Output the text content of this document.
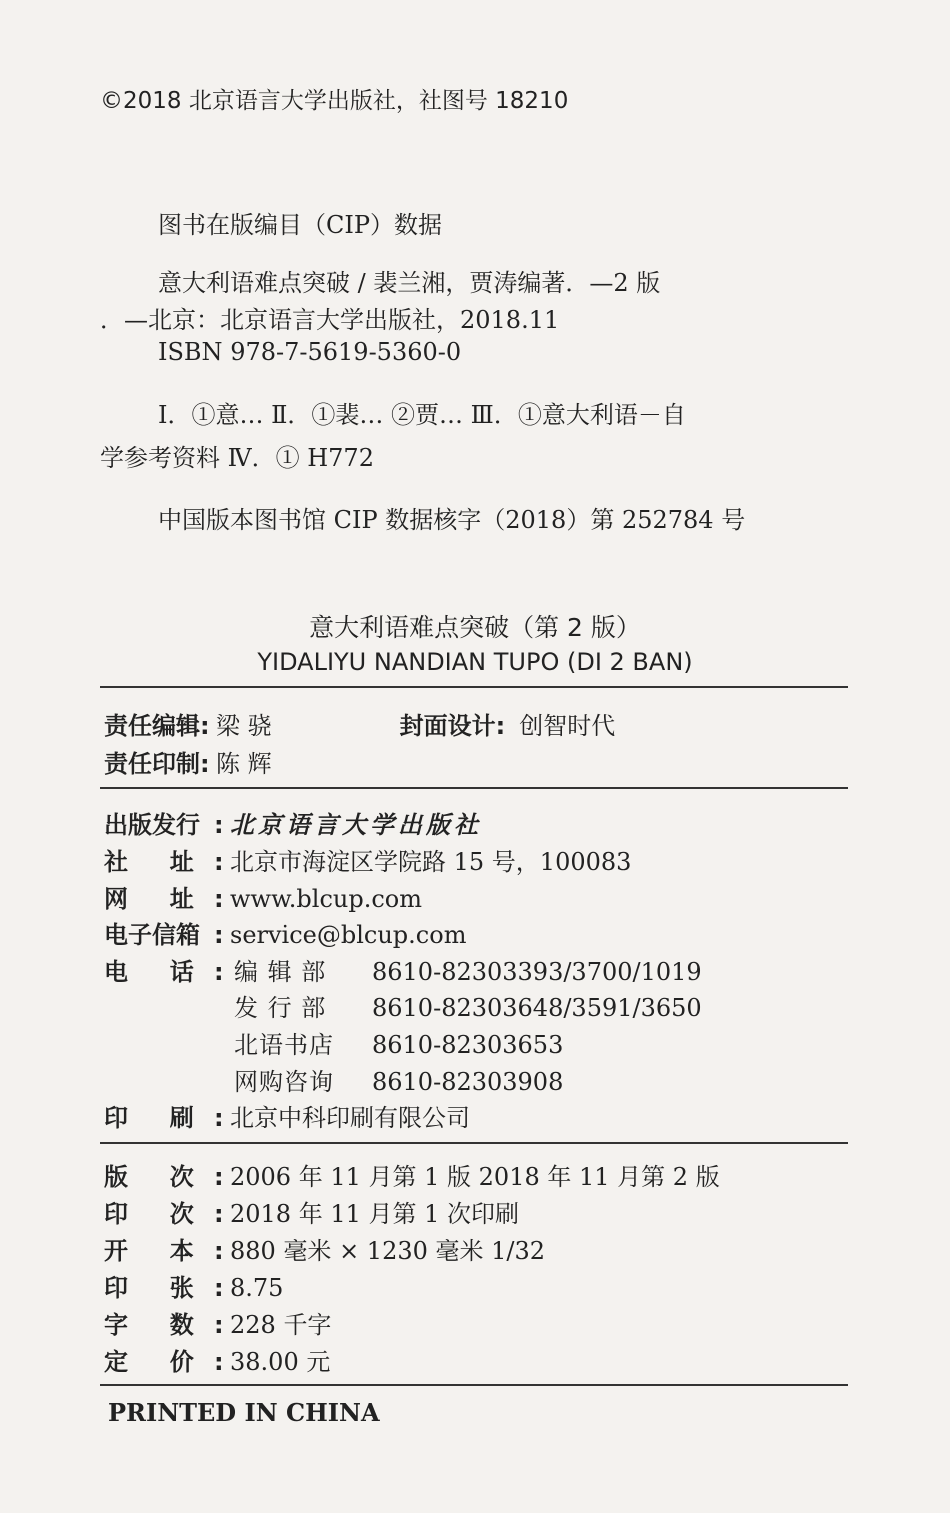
©2018 北京语言大学出版社，社图号 18210
图书在版编目（CIP）数据
意大利语难点突破 / 裴兰湘，贾涛编著．—2 版
．—北京：北京语言大学出版社，2018.11
ISBN 978-7-5619-5360-0
Ⅰ．①意… Ⅱ．①裴… ②贾… Ⅲ．①意大利语－自
学参考资料 Ⅳ．① H772
中国版本图书馆 CIP 数据核字（2018）第 252784 号
意大利语难点突破（第 2 版）
YIDALIYU NANDIAN TUPO (DI 2 BAN)
责任编辑: 梁 骁	封面设计: 创智时代
责任印制: 陈 辉
出版发行 : 北京语言大学出版社
社     址 : 北京市海淀区学院路 15 号，100083
网     址 : www.blcup.com
电子信箱 : service@blcup.com
电     话 : 编 辑 部 8610-82303393/3700/1019
发 行 部 8610-82303648/3591/3650
北语书店 8610-82303653
网购咨询 8610-82303908
印     刷 : 北京中科印刷有限公司
版     次 : 2006 年 11 月第 1 版 2018 年 11 月第 2 版
印     次 : 2018 年 11 月第 1 次印刷
开     本 : 880 毫米 × 1230 毫米 1/32
印     张 : 8.75
字     数 : 228 千字
定     价 : 38.00 元
PRINTED IN CHINA
